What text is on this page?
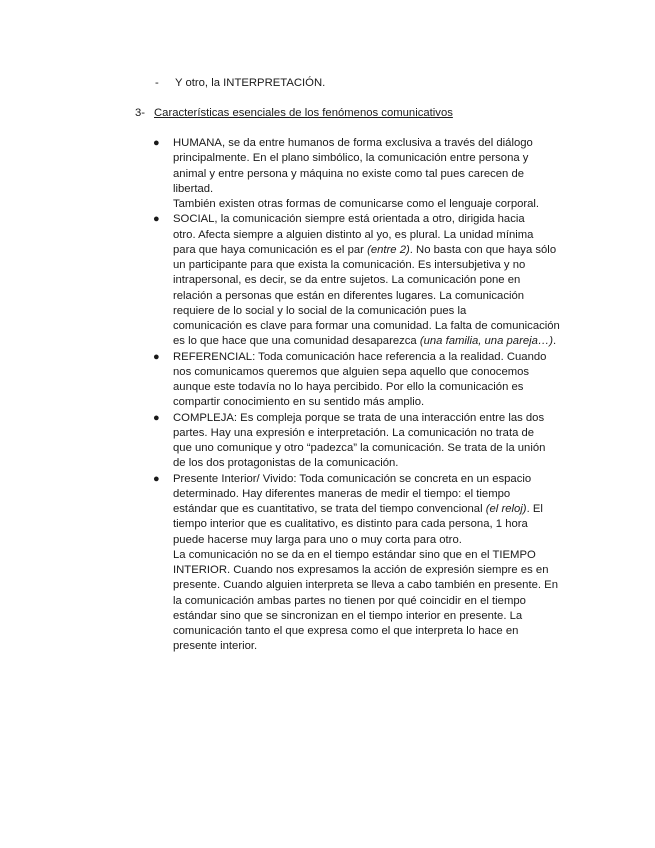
- Y otro, la INTERPRETACIÓN.
3- Características esenciales de los fenómenos comunicativos
● HUMANA, se da entre humanos de forma exclusiva a través del diálogo
principalmente. En el plano simbólico, la comunicación entre persona y
animal y entre persona y máquina no existe como tal pues carecen de
libertad.
También existen otras formas de comunicarse como el lenguaje corporal.
● SOCIAL, la comunicación siempre está orientada a otro, dirigida hacia
otro. Afecta siempre a alguien distinto al yo, es plural. La unidad mínima
para que haya comunicación es el par (entre 2). No basta con que haya sólo
un participante para que exista la comunicación. Es intersubjetiva y no
intrapersonal, es decir, se da entre sujetos. La comunicación pone en
relación a personas que están en diferentes lugares. La comunicación
requiere de lo social y lo social de la comunicación pues la
comunicación es clave para formar una comunidad. La falta de comunicación
es lo que hace que una comunidad desaparezca (una familia, una pareja…).
● REFERENCIAL: Toda comunicación hace referencia a la realidad. Cuando
nos comunicamos queremos que alguien sepa aquello que conocemos
aunque este todavía no lo haya percibido. Por ello la comunicación es
compartir conocimiento en su sentido más amplio.
● COMPLEJA: Es compleja porque se trata de una interacción entre las dos
partes. Hay una expresión e interpretación. La comunicación no trata de
que uno comunique y otro “padezca” la comunicación. Se trata de la unión
de los dos protagonistas de la comunicación.
● Presente Interior/ Vivido: Toda comunicación se concreta en un espacio
determinado. Hay diferentes maneras de medir el tiempo: el tiempo
estándar que es cuantitativo, se trata del tiempo convencional (el reloj). El
tiempo interior que es cualitativo, es distinto para cada persona, 1 hora
puede hacerse muy larga para uno o muy corta para otro.
La comunicación no se da en el tiempo estándar sino que en el TIEMPO
INTERIOR. Cuando nos expresamos la acción de expresión siempre es en
presente. Cuando alguien interpreta se lleva a cabo también en presente. En
la comunicación ambas partes no tienen por qué coincidir en el tiempo
estándar sino que se sincronizan en el tiempo interior en presente. La
comunicación tanto el que expresa como el que interpreta lo hace en
presente interior.
